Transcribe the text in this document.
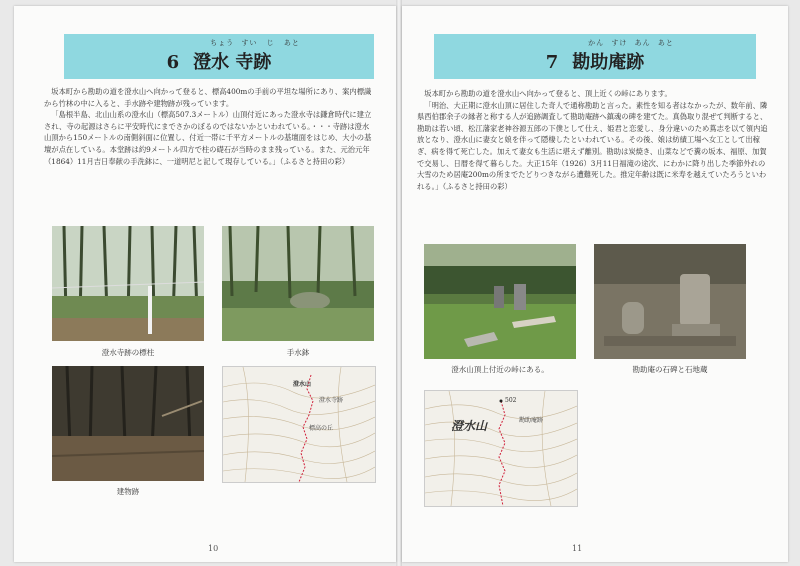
ちょう すい じ あと
6 澄水 寺跡

坂本町から勘助の道を澄水山へ向かって登ると、標高400mの手前の平坦な場所にあり、案内標識から竹林の中に入ると、手水跡や建物跡が残っています。

「島根半島、北山山系の澄水山（標高507.3メートル）山頂付近にあった澄水寺は鎌倉時代に建立され、寺の起源はさらに平安時代にまでさかのぼるのではないかといわれている。・・・寺跡は澄水山頂から150メートルの南側斜面に位置し、付近一帯に千平方メートルの基壇面をはじめ、大小の基壇が点在している。本堂跡は約9メートル四方で柱の礎石が当時のまま残っている。また、元治元年（1864）11月吉日奉献の手洗鉢に、一道明尼と記して現存している。」（ふるさと持田の彩）

澄水寺跡の標柱	手水鉢
建物跡
澄水山
澄水寺跡
標高の丘
10
かん すけ あん あと
7 勘助庵跡

坂本町から勘助の道を澄水山へ向かって登ると、頂上近くの峠にあります。

「明治、大正期に澄水山頂に居住した奇人で通称勘助と言った。素性を知る者はなかったが、数年前、隣県西伯郡余子の縁者と称する人が追跡調査して勘助庵跡へ鎮魂の碑を建てた。真偽取り混ぜて判断すると、勘助は若い頃、松江藩家老神谷源五郎の下僕として仕え、姫君と恋愛し、身分違いのため蔦志を以て領内追放となり、澄水山に妻女と娘を伴って隠棲したといわれている。その後、娘は紡績工場へ女工として出稼ぎ、病を得て死亡した。加えて妻女も生活に堪えず離別。勘助は炭焼き、山菜などで糞の坂本、福原、加賀で交易し、日暦を得て暮らした。大正15年（1926）3月11日福滝の途次、にわかに降り出した季節外れの大雪のため居庵200mの所までたどりつきながら遭難死した。推定年齢は既に米寿を越えていたろうといわれる。」（ふるさと持田の彩）

澄水山頂上付近の峠にある。	勘助庵の石碑と石地蔵
澄水山
502
勘助庵跡
11
